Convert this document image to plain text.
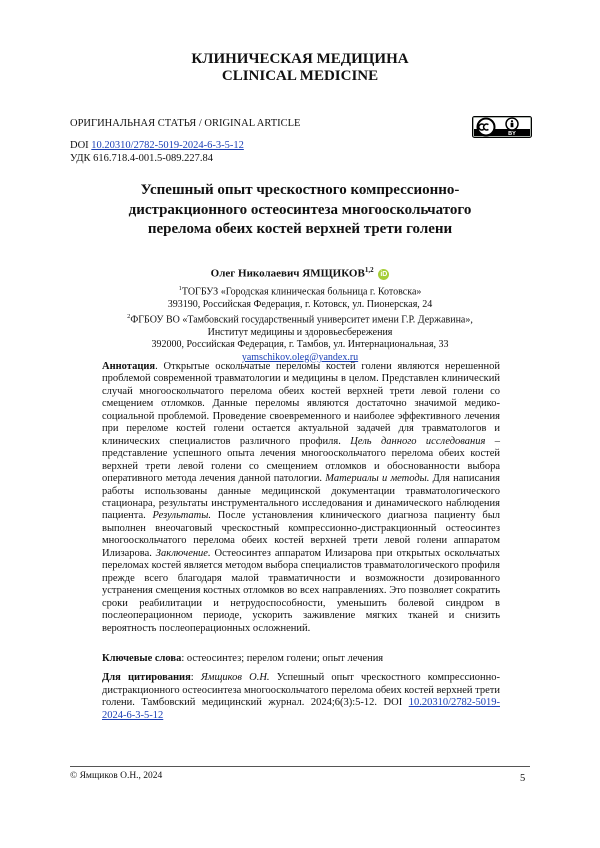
КЛИНИЧЕСКАЯ МЕДИЦИНА
CLINICAL MEDICINE
ОРИГИНАЛЬНАЯ СТАТЬЯ / ORIGINAL ARTICLE
BY
DOI 10.20310/2782-5019-2024-6-3-5-12
УДК 616.718.4-001.5-089.227.84
Успешный опыт чрескостного компрессионно-дистракционного остеосинтеза многооскольчатого перелома обеих костей верхней трети голени
Олег Николаевич ЯМЩИКОВ$^{1,2}$ iD
$^1$ТОГБУЗ «Городская клиническая больница г. Котовска»
393190, Российская Федерация, г. Котовск, ул. Пионерская, 24
$^2$ФГБОУ ВО «Тамбовский государственный университет имени Г.Р. Державина»,
Институт медицины и здоровьесбережения
392000, Российская Федерация, г. Тамбов, ул. Интернациональная, 33
yamschikov.oleg@yandex.ru
Аннотация. Открытые оскольчатые переломы костей голени являются нерешенной проблемой современной травматологии и медицины в целом. Представлен клинический случай многооскольчатого перелома обеих костей верхней трети левой голени со смещением отломков. Данные переломы являются достаточно значимой медико-социальной проблемой. Проведение своевременного и наиболее эффективного лечения при переломе костей голени остается актуальной задачей для травматологов и клинических специалистов различного профиля. Цель данного исследования – представление успешного опыта лечения многооскольчатого перелома обеих костей верхней трети левой голени со смещением отломков и обоснованности выбора оперативного метода лечения данной патологии. Материалы и методы. Для написания работы использованы данные медицинской документации травматологического стационара, результаты инструментального исследования и динамического наблюдения пациента. Результаты. После установления клинического диагноза пациенту был выполнен внеочаговый чрескостный компрессионно-дистракционный остеосинтез многооскольчатого перелома обеих костей верхней трети левой голени аппаратом Илизарова. Заключение. Остеосинтез аппаратом Илизарова при открытых оскольчатых переломах костей является методом выбора специалистов травматологического профиля прежде всего благодаря малой травматичности и возможности дозированного устранения смещения костных отломков во всех направлениях. Это позволяет сократить сроки реабилитации и нетрудоспособности, уменьшить болевой синдром в послеоперационном периоде, ускорить заживление мягких тканей и снизить вероятность послеоперационных осложнений.
Ключевые слова: остеосинтез; перелом голени; опыт лечения
Для цитирования: Ямщиков О.Н. Успешный опыт чрескостного компрессионно-дистракционного остеосинтеза многооскольчатого перелома обеих костей верхней трети голени. Тамбовский медицинский журнал. 2024;6(3):5-12. DOI 10.20310/2782-5019-2024-6-3-5-12
© Ямщиков О.Н., 2024	5
